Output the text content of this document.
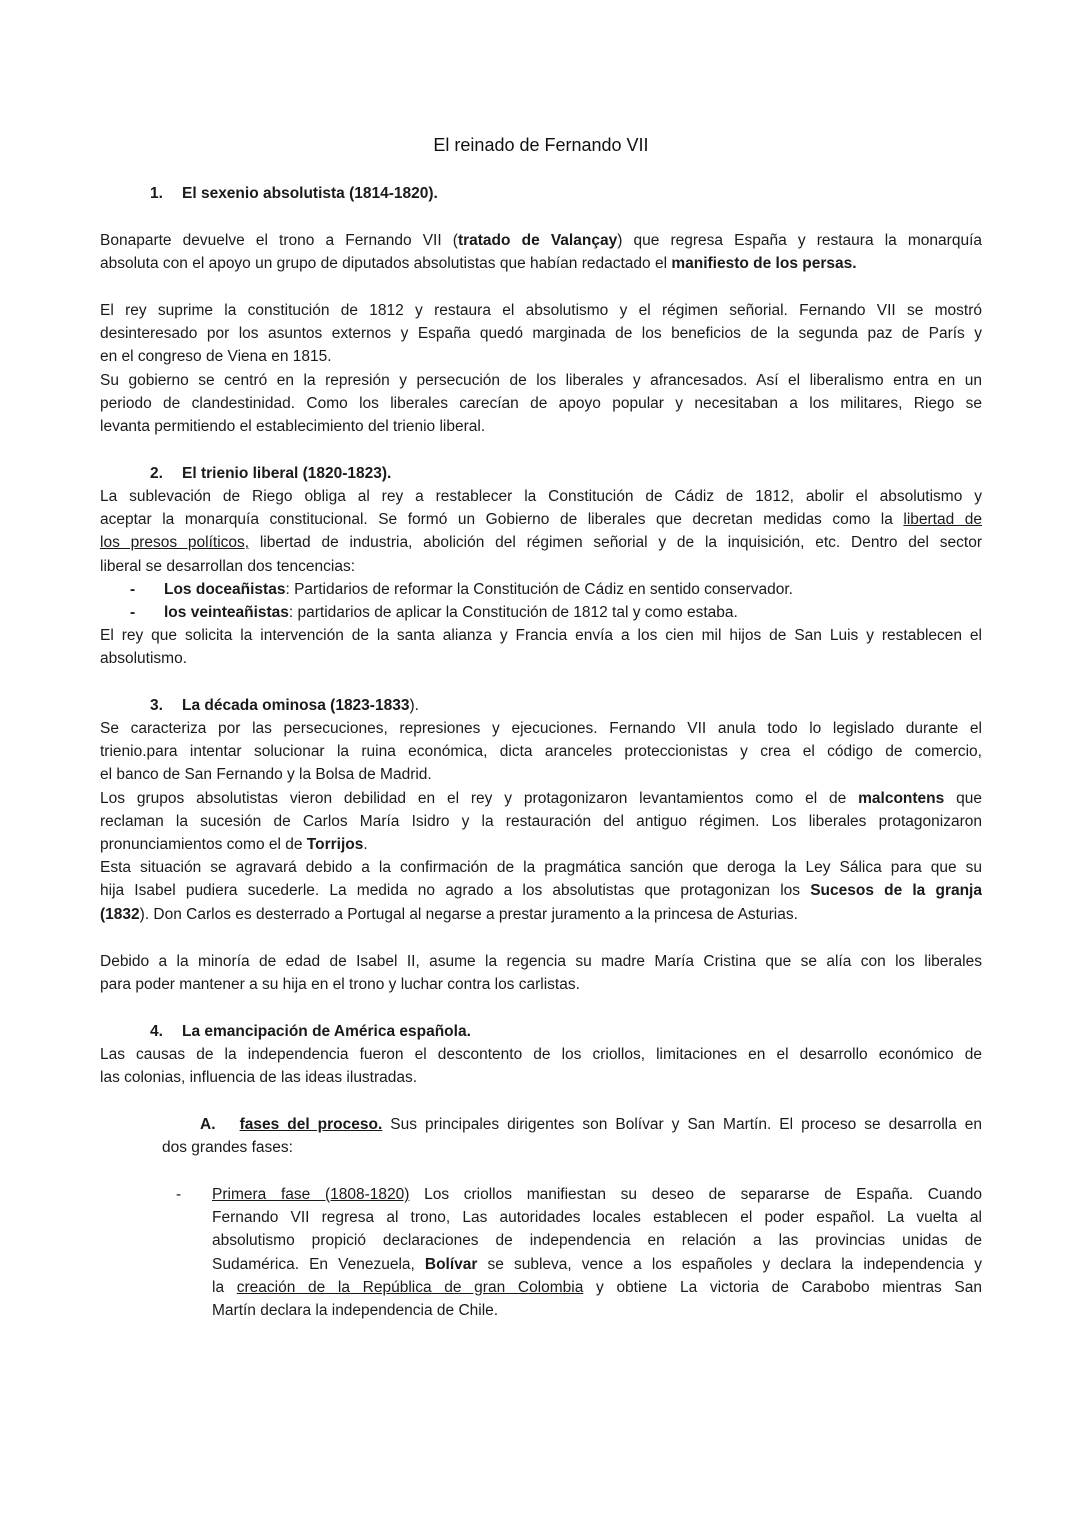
El reinado de Fernando VII
1. El sexenio absolutista (1814-1820).
Bonaparte devuelve el trono a Fernando VII (tratado de Valançay) que regresa España y restaura la monarquía
absoluta con el apoyo un grupo de diputados absolutistas que habían redactado el manifiesto de los persas.
El rey suprime la constitución de 1812 y restaura el absolutismo y el régimen señorial. Fernando VII se mostró
desinteresado por los asuntos externos y España quedó marginada de los beneficios de la segunda paz de París y
en el congreso de Viena en 1815.
Su gobierno se centró en la represión y persecución de los liberales y afrancesados. Así el liberalismo entra en un
periodo de clandestinidad. Como los liberales carecían de apoyo popular y necesitaban a los militares, Riego se
levanta permitiendo el establecimiento del trienio liberal.
2. El trienio liberal (1820-1823).
La sublevación de Riego obliga al rey a restablecer la Constitución de Cádiz de 1812, abolir el absolutismo y
aceptar la monarquía constitucional. Se formó un Gobierno de liberales que decretan medidas como la libertad de
los presos políticos, libertad de industria, abolición del régimen señorial y de la inquisición, etc. Dentro del sector
liberal se desarrollan dos tencencias:
- Los doceañistas: Partidarios de reformar la Constitución de Cádiz en sentido conservador.
- los veinteañistas: partidarios de aplicar la Constitución de 1812 tal y como estaba.
El rey que solicita la intervención de la santa alianza y Francia envía a los cien mil hijos de San Luis y restablecen el
absolutismo.
3. La década ominosa (1823-1833).
Se caracteriza por las persecuciones, represiones y ejecuciones. Fernando VII anula todo lo legislado durante el
trienio.para intentar solucionar la ruina económica, dicta aranceles proteccionistas y crea el código de comercio,
el banco de San Fernando y la Bolsa de Madrid.
Los grupos absolutistas vieron debilidad en el rey y protagonizaron levantamientos como el de malcontens que
reclaman la sucesión de Carlos María Isidro y la restauración del antiguo régimen. Los liberales protagonizaron
pronunciamientos como el de Torrijos.
Esta situación se agravará debido a la confirmación de la pragmática sanción que deroga la Ley Sálica para que su
hija Isabel pudiera sucederle. La medida no agrado a los absolutistas que protagonizan los Sucesos de la granja
(1832). Don Carlos es desterrado a Portugal al negarse a prestar juramento a la princesa de Asturias.
Debido a la minoría de edad de Isabel II, asume la regencia su madre María Cristina que se alía con los liberales
para poder mantener a su hija en el trono y luchar contra los carlistas.
4. La emancipación de América española.
Las causas de la independencia fueron el descontento de los criollos, limitaciones en el desarrollo económico de
las colonias, influencia de las ideas ilustradas.
A. fases del proceso. Sus principales dirigentes son Bolívar y San Martín. El proceso se desarrolla en
dos grandes fases:
- Primera fase (1808-1820) Los criollos manifiestan su deseo de separarse de España. Cuando
Fernando VII regresa al trono, Las autoridades locales establecen el poder español. La vuelta al
absolutismo propició declaraciones de independencia en relación a las provincias unidas de
Sudamérica. En Venezuela, Bolívar se subleva, vence a los españoles y declara la independencia y
la creación de la República de gran Colombia y obtiene La victoria de Carabobo mientras San
Martín declara la independencia de Chile.
